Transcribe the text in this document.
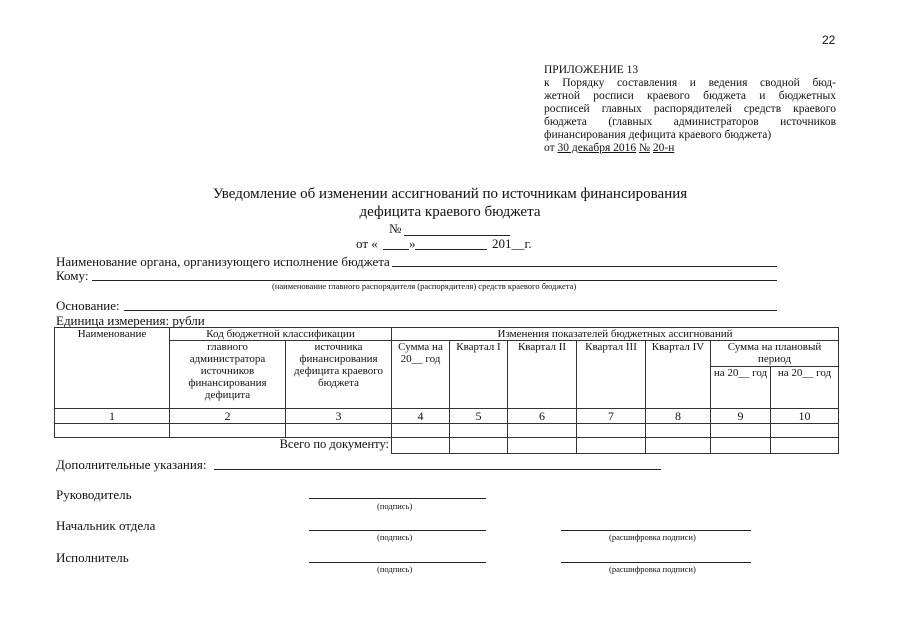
22
ПРИЛОЖЕНИЕ 13
к Порядку составления и ведения сводной бюд-
жетной росписи краевого бюджета и бюджетных
росписей главных распорядителей средств краевого
бюджета (главных администраторов источников
финансирования дефицита краевого бюджета)
от 30 декабря 2016 № 20-н
Уведомление об изменении ассигнований по источникам финансирования
дефицита краевого бюджета
№
от « »	201__г.
Наименование органа, организующего исполнение бюджета
Кому:
(наименование главного распорядителя (распорядителя) средств краевого бюджета)
Основание:
Единица измерения: рубли
Наименование	Код бюджетной классификации		Изменения показателей бюджетных ассигнований						
	главного администратора источников финансирования дефицита	источника финансирования дефицита краевого бюджета	Сумма на 20__ год	Квартал I	Квартал II	Квартал III	Квартал IV	Сумма на плановый период	
								на 20__ год	на 20__ год
1	2	3	4	5	6	7	8	9	10

Всего по документу:									
Дополнительные указания:
Руководитель
(подпись)
Начальник отдела
(подпись)	(расшифровка подписи)
Исполнитель
(подпись)	(расшифровка подписи)
